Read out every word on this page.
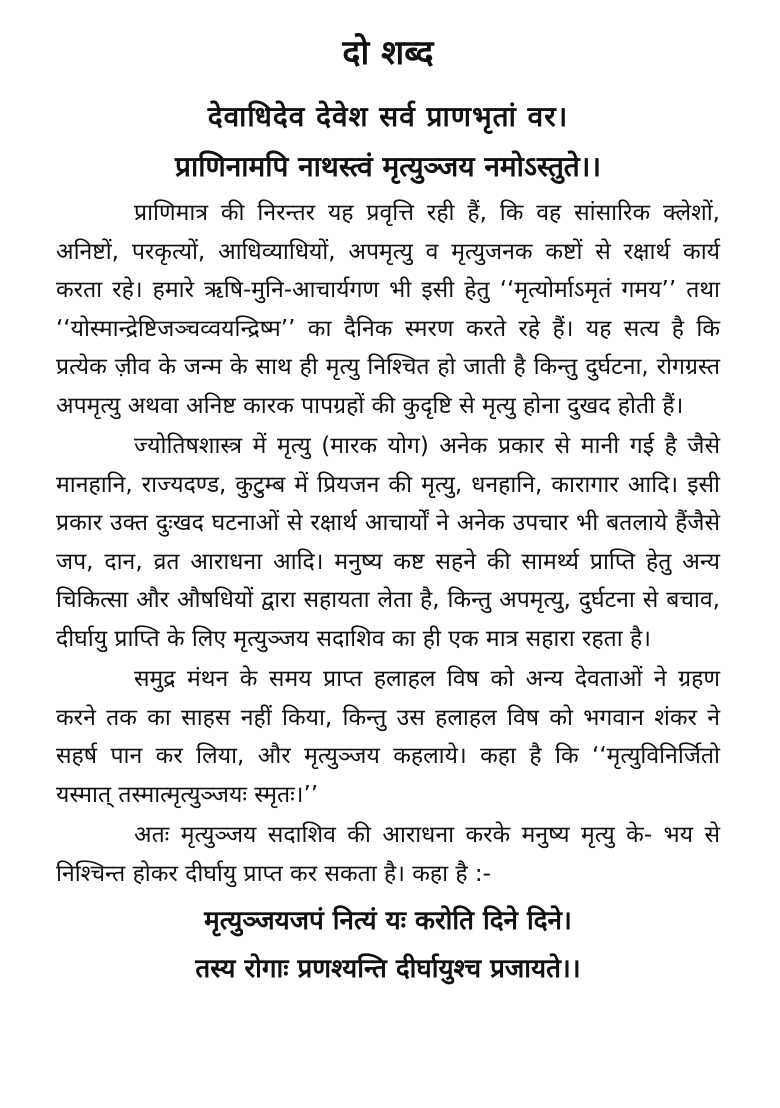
दो शब्द

देवाधिदेव देवेश सर्व प्राणभृतां वर।

प्राणिनामपि नाथस्त्वं मृत्युञ्जय नमोऽस्तुते।।

प्राणिमात्र की निरन्तर यह प्रवृत्ति रही हैं, कि वह सांसारिक क्लेशों, अनिष्टों, परकृत्यों, आधिव्याधियों, अपमृत्यु व मृत्युजनक कष्टों से रक्षार्थ कार्य करता रहे। हमारे ऋषि-मुनि-आचार्यगण भी इसी हेतु ‘‘मृत्योर्माऽमृतं गमय’’ तथा ‘‘योस्मान्द्रेष्टिजञ्चव्वयन्द्रिष्म’’ का दैनिक स्मरण करते रहे हैं। यह सत्य है कि प्रत्येक ज़ीव के जन्म के साथ ही मृत्यु निश्चित हो जाती है किन्तु दुर्घटना, रोगग्रस्त अपमृत्यु अथवा अनिष्ट कारक पापग्रहों की कुदृष्टि से मृत्यु होना दुखद होती हैं।

ज्योतिषशास्त्र में मृत्यु (मारक योग) अनेक प्रकार से मानी गई है जैसे मानहानि, राज्यदण्ड, कुटुम्ब में प्रियजन की मृत्यु, धनहानि, कारागार आदि। इसी प्रकार उक्त दुःखद घटनाओं से रक्षार्थ आचार्यों ने अनेक उपचार भी बतलाये हैंजैसे जप, दान, व्रत आराधना आदि। मनुष्य कष्ट सहने की सामर्थ्य प्राप्ति हेतु अन्य चिकित्सा और औषधियों द्वारा सहायता लेता है, किन्तु अपमृत्यु, दुर्घटना से बचाव, दीर्घायु प्राप्ति के लिए मृत्युञ्जय सदाशिव का ही एक मात्र सहारा रहता है।

समुद्र मंथन के समय प्राप्त हलाहल विष को अन्य देवताओं ने ग्रहण करने तक का साहस नहीं किया, किन्तु उस हलाहल विष को भगवान शंकर ने सहर्ष पान कर लिया, और मृत्युञ्जय कहलाये। कहा है कि ‘‘मृत्युविनिर्जितो यस्मात् तस्मात्मृत्युञ्जयः स्मृतः।’’

अतः मृत्युञ्जय सदाशिव की आराधना करके मनुष्य मृत्यु के- भय से निश्चिन्त होकर दीर्घायु प्राप्त कर सकता है। कहा है :-

मृत्युञ्जयजपं नित्यं यः करोति दिने दिने।

तस्य रोगाः प्रणश्यन्ति दीर्घायुश्च प्रजायते।।
